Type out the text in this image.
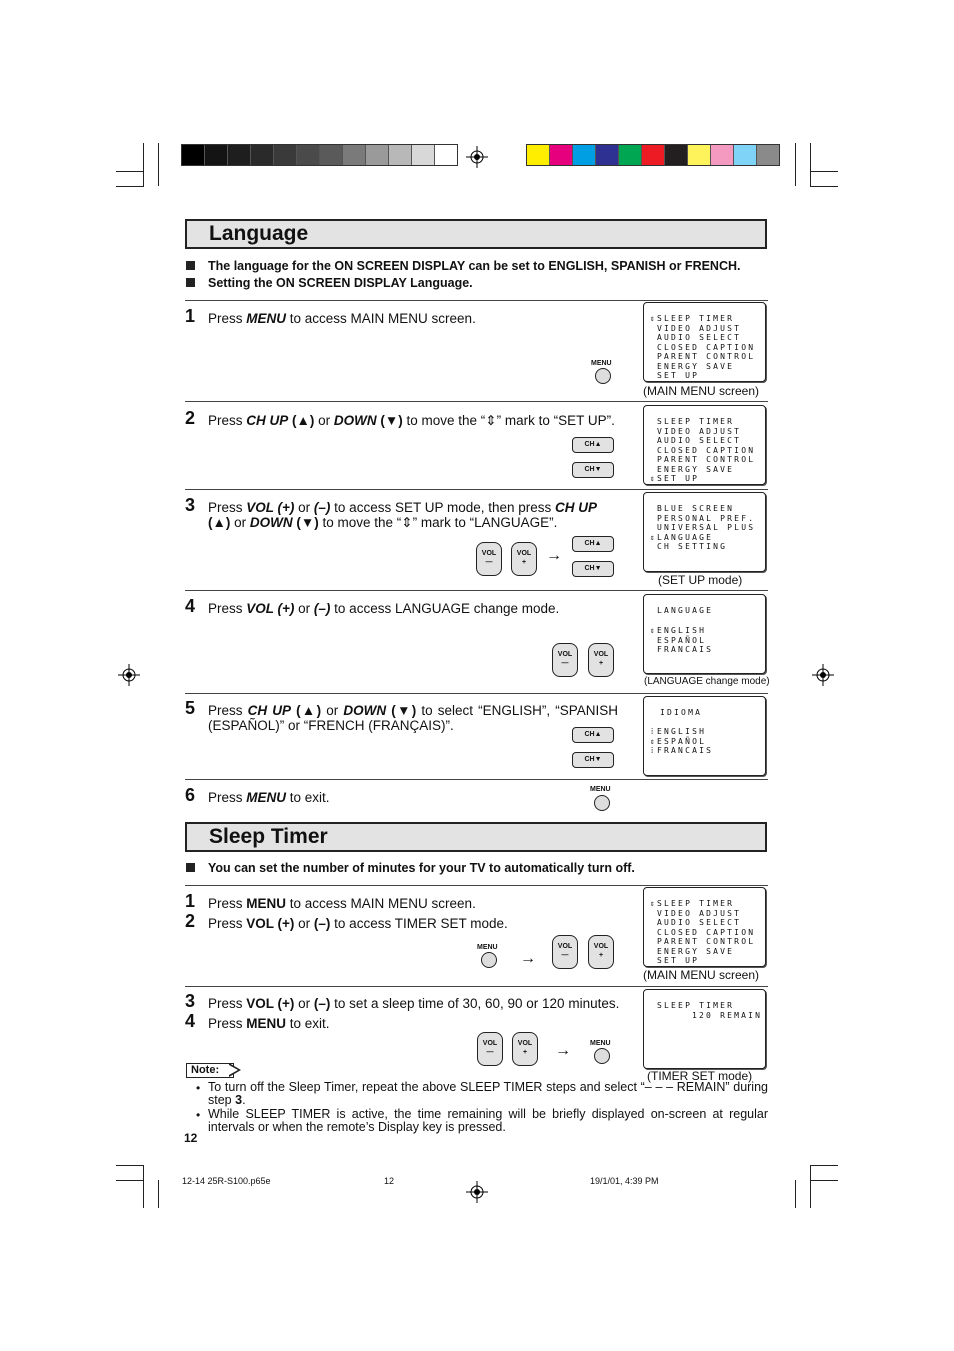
Language
The language for the ON SCREEN DISPLAY can be set to ENGLISH, SPANISH or FRENCH.
Setting the ON SCREEN DISPLAY Language.
1 Press MENU to access MAIN MENU screen.
MENU
⇕ SLEEP TIMER
VIDEO ADJUST
AUDIO SELECT
CLOSED CAPTION
PARENT CONTROL
ENERGY SAVE
SET UP
(MAIN MENU screen)
2 Press CH UP (▲) or DOWN (▼) to move the “⇕” mark to “SET UP”.
CH▲
CH▼
SLEEP TIMER
VIDEO ADJUST
AUDIO SELECT
CLOSED CAPTION
PARENT CONTROL
ENERGY SAVE
⇕ SET UP
3 Press VOL (+) or (–) to access SET UP mode, then press CH UP (▲) or DOWN (▼) to move the “⇕” mark to “LANGUAGE”.
VOL
—
VOL
+	→
CH▲
CH▼
BLUE SCREEN
PERSONAL PREF.
UNIVERSAL PLUS
⇕ LANGUAGE
CH SETTING
(SET UP mode)
4 Press VOL (+) or (–) to access LANGUAGE change mode.
VOL
—
VOL
+
LANGUAGE
⇕ ENGLISH
ESPAÑOL
FRANCAIS
(LANGUAGE change mode)
5 Press CH UP (▲) or DOWN (▼) to select “ENGLISH”, “SPANISH (ESPAÑOL)” or “FRENCH (FRANÇAIS)”.
CH▲
CH▼
IDIOMA
⁞ ENGLISH
⇕ ESPAÑOL
⁞ FRANCAIS
6 Press MENU to exit.
MENU
Sleep Timer
You can set the number of minutes for your TV to automatically turn off.
1 Press MENU to access MAIN MENU screen.
2 Press VOL (+) or (–) to access TIMER SET mode.
MENU
→
VOL
—
VOL
+
⇕ SLEEP TIMER
VIDEO ADJUST
AUDIO SELECT
CLOSED CAPTION
PARENT CONTROL
ENERGY SAVE
SET UP
(MAIN MENU screen)
3 Press VOL (+) or (–) to set a sleep time of 30, 60, 90 or 120 minutes.
4 Press MENU to exit.
VOL
—
VOL
+	→	MENU
SLEEP TIMER
120 REMAIN
(TIMER SET mode)
Note:
• To turn off the Sleep Timer, repeat the above SLEEP TIMER steps and select “– – – REMAIN” during step 3.
• While SLEEP TIMER is active, the time remaining will be briefly displayed on-screen at regular intervals or when the remote’s Display key is pressed.
12
12-14 25R-S100.p65e	12	19/1/01, 4:39 PM
